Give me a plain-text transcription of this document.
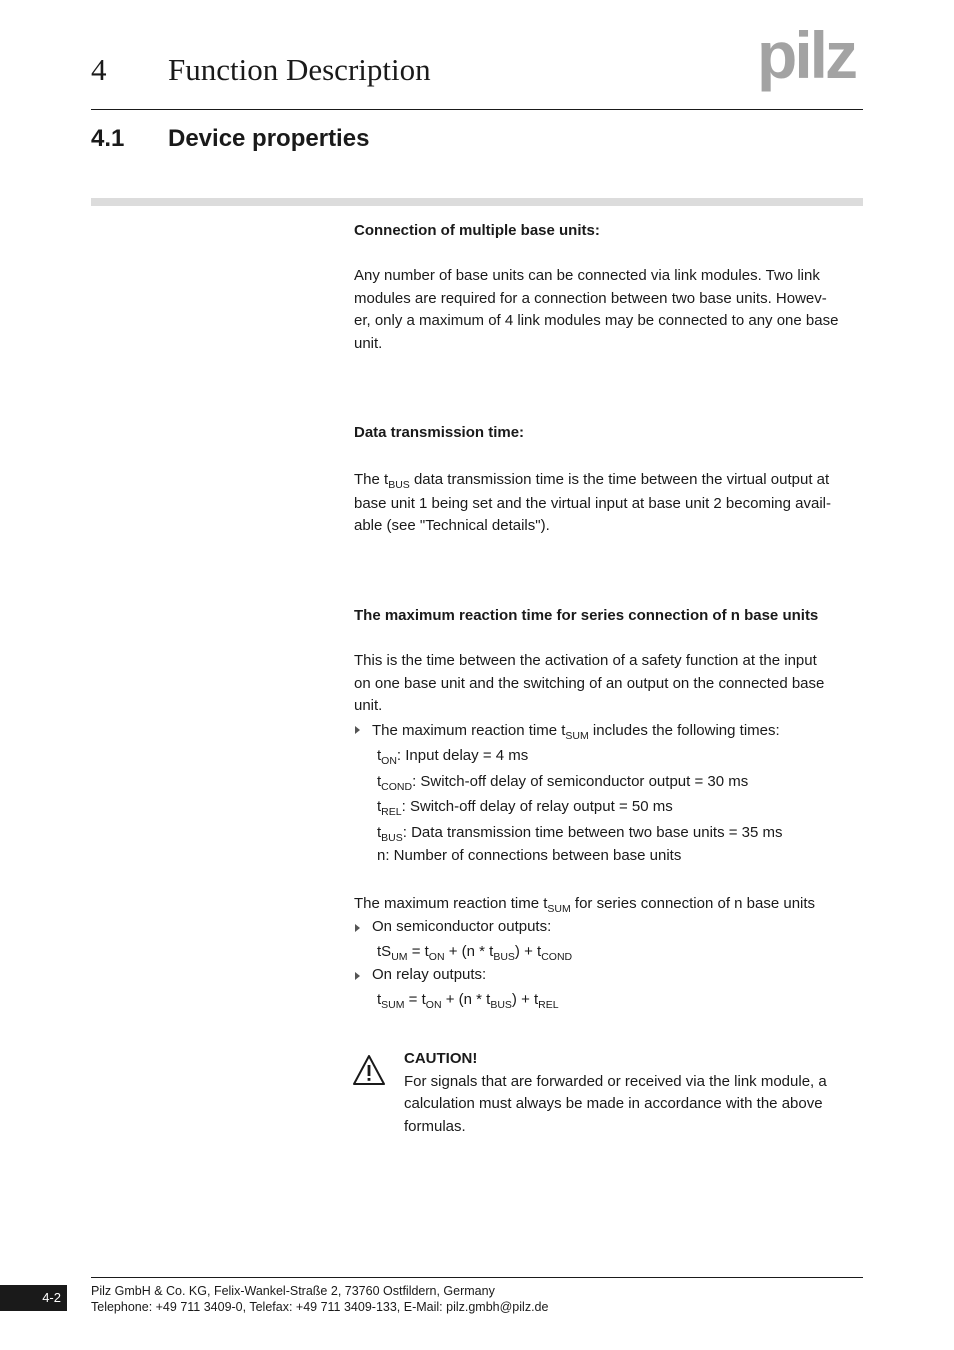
4 Function Description	pilz
4.1 Device properties

Connection of multiple base units:

Any number of base units can be connected via link modules. Two link

modules are required for a connection between two base units. Howev-

er, only a maximum of 4 link modules may be connected to any one base

unit.

Data transmission time:

The $t_{BUS}$ data transmission time is the time between the virtual output at

base unit 1 being set and the virtual input at base unit 2 becoming avail-

able (see "Technical details").

The maximum reaction time for series connection of n base units

This is the time between the activation of a safety function at the input

on one base unit and the switching of an output on the connected base

unit.

The maximum reaction time $t_{SUM}$ includes the following times:

$t_{ON}$: Input delay = 4 ms

$t_{COND}$: Switch-off delay of semiconductor output = 30 ms

$t_{REL}$: Switch-off delay of relay output = 50 ms

$t_{BUS}$: Data transmission time between two base units = 35 ms

n: Number of connections between base units

The maximum reaction time $t_{SUM}$ for series connection of n base units

On semiconductor outputs:

$tS_{UM} = t_{ON} + (n * t_{BUS}) + t_{COND}$

On relay outputs:

$t_{SUM} = t_{ON} + (n * t_{BUS}) + t_{REL}$

CAUTION!

For signals that are forwarded or received via the link module, a

calculation must always be made in accordance with the above

formulas.

4-2	Pilz GmbH & Co. KG, Felix-Wankel-Straße 2, 73760 Ostfildern, Germany
Telephone: +49 711 3409-0, Telefax: +49 711 3409-133, E-Mail: pilz.gmbh@pilz.de
